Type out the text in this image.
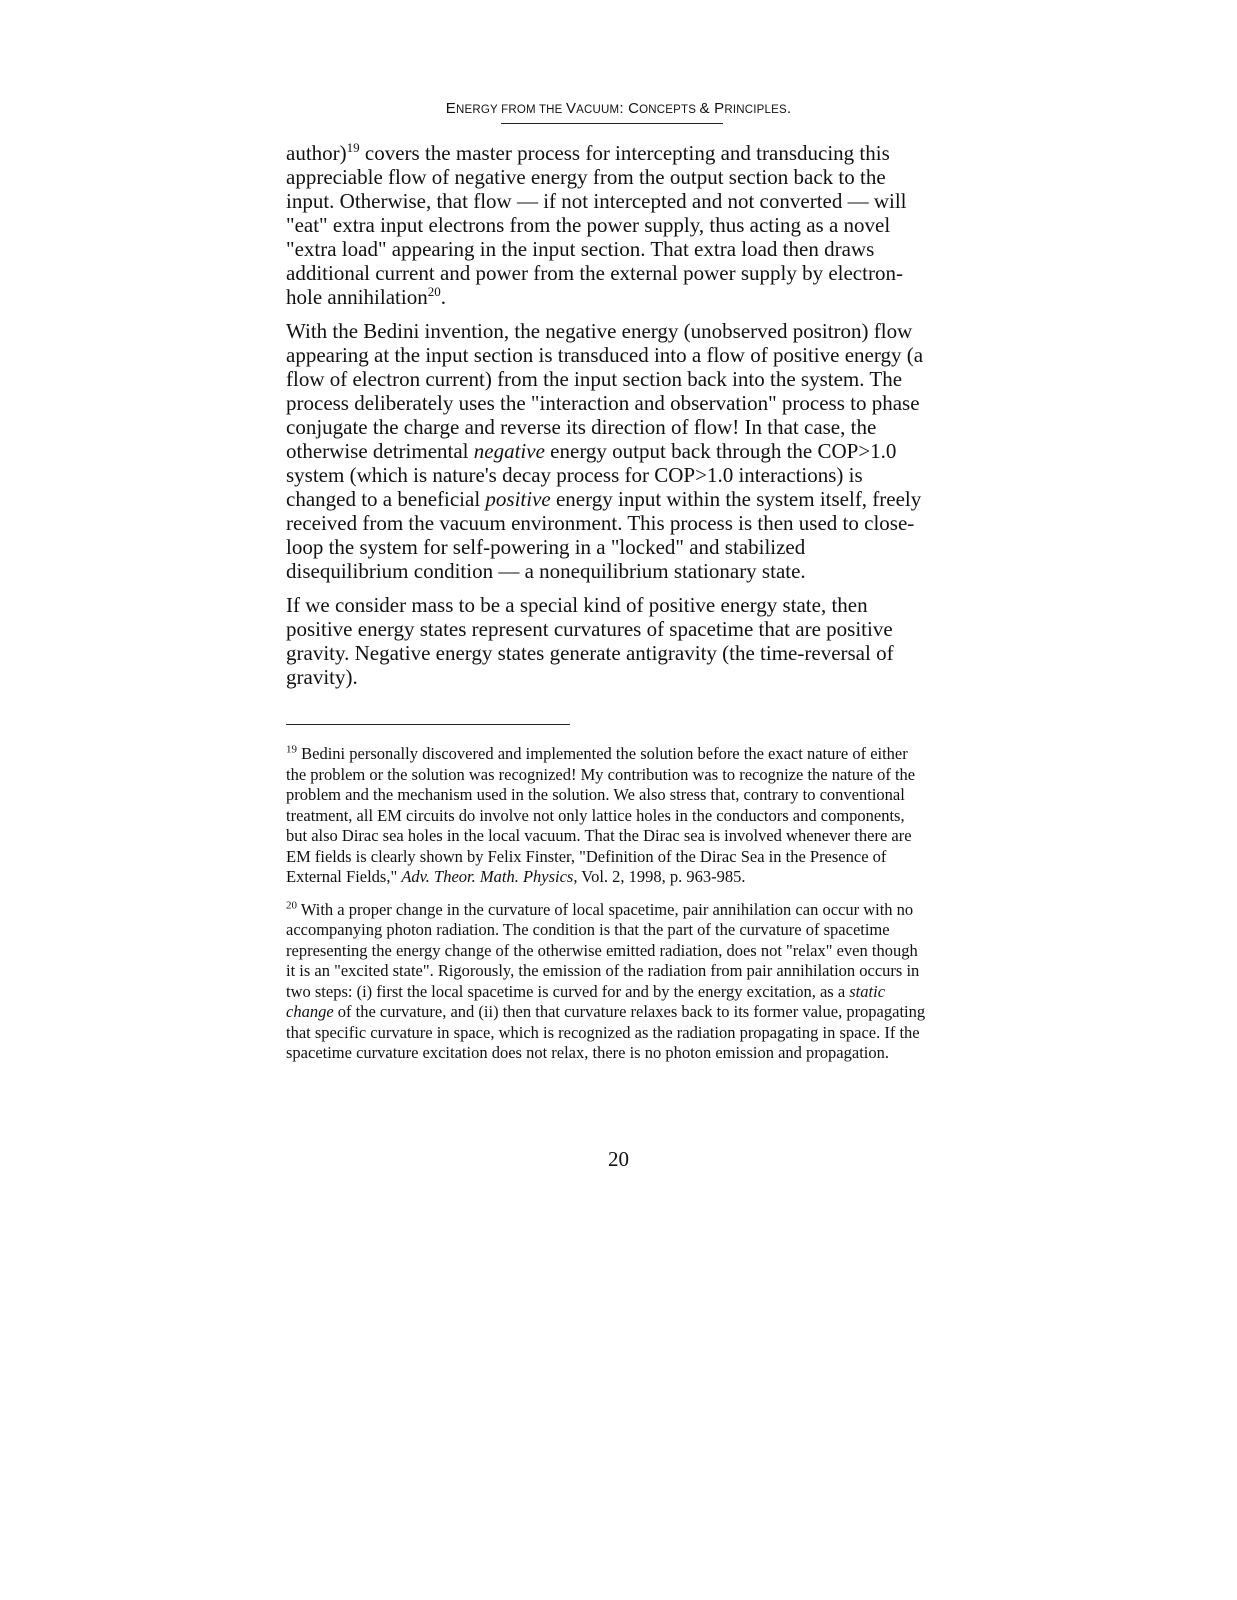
ENERGY FROM THE VACUUM: CONCEPTS & PRINCIPLES.

author)$^{19}$ covers the master process for intercepting and transducing this appreciable flow of negative energy from the output section back to the input. Otherwise, that flow — if not intercepted and not converted — will "eat" extra input electrons from the power supply, thus acting as a novel "extra load" appearing in the input section. That extra load then draws additional current and power from the external power supply by electron-hole annihilation$^{20}$.

With the Bedini invention, the negative energy (unobserved positron) flow appearing at the input section is transduced into a flow of positive energy (a flow of electron current) from the input section back into the system. The process deliberately uses the "interaction and observation" process to phase conjugate the charge and reverse its direction of flow! In that case, the otherwise detrimental negative energy output back through the COP>1.0 system (which is nature's decay process for COP>1.0 interactions) is changed to a beneficial positive energy input within the system itself, freely received from the vacuum environment. This process is then used to close-loop the system for self-powering in a "locked" and stabilized disequilibrium condition — a nonequilibrium stationary state.

If we consider mass to be a special kind of positive energy state, then positive energy states represent curvatures of spacetime that are positive gravity. Negative energy states generate antigravity (the time-reversal of gravity).

$^{19}$ Bedini personally discovered and implemented the solution before the exact nature of either the problem or the solution was recognized! My contribution was to recognize the nature of the problem and the mechanism used in the solution. We also stress that, contrary to conventional treatment, all EM circuits do involve not only lattice holes in the conductors and components, but also Dirac sea holes in the local vacuum. That the Dirac sea is involved whenever there are EM fields is clearly shown by Felix Finster, "Definition of the Dirac Sea in the Presence of External Fields," Adv. Theor. Math. Physics, Vol. 2, 1998, p. 963-985.

$^{20}$ With a proper change in the curvature of local spacetime, pair annihilation can occur with no accompanying photon radiation. The condition is that the part of the curvature of spacetime representing the energy change of the otherwise emitted radiation, does not "relax" even though it is an "excited state". Rigorously, the emission of the radiation from pair annihilation occurs in two steps: (i) first the local spacetime is curved for and by the energy excitation, as a static change of the curvature, and (ii) then that curvature relaxes back to its former value, propagating that specific curvature in space, which is recognized as the radiation propagating in space. If the spacetime curvature excitation does not relax, there is no photon emission and propagation.

20
